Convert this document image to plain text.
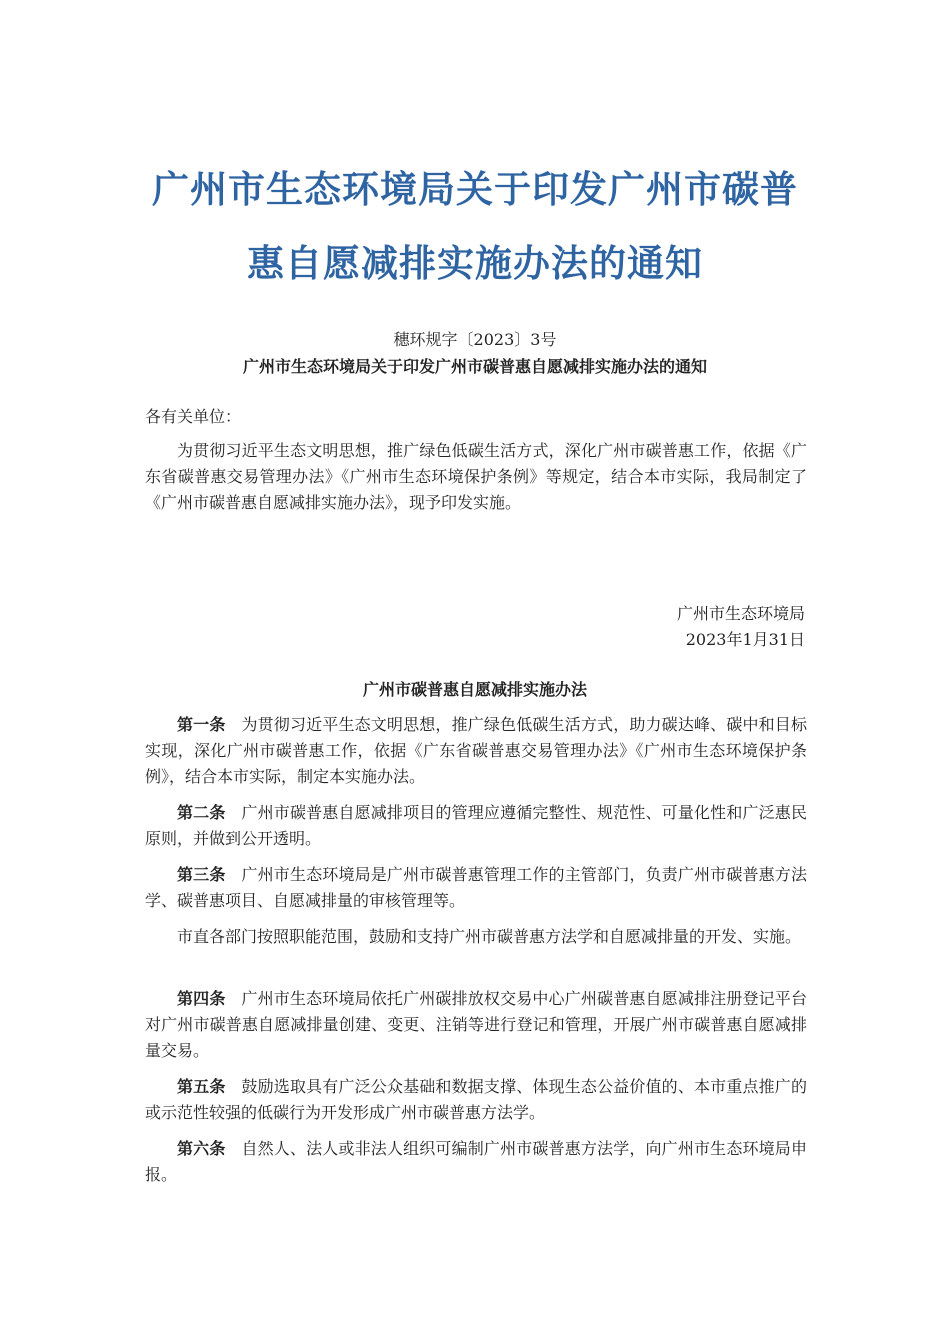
广州市生态环境局关于印发广州市碳普
惠自愿减排实施办法的通知
穗环规字〔2023〕3号
广州市生态环境局关于印发广州市碳普惠自愿减排实施办法的通知
各有关单位：
为贯彻习近平生态文明思想，推广绿色低碳生活方式，深化广州市碳普惠工作，依据《广东省碳普惠交易管理办法》《广州市生态环境保护条例》等规定，结合本市实际，我局制定了《广州市碳普惠自愿减排实施办法》，现予印发实施。
广州市生态环境局
2023年1月31日
广州市碳普惠自愿减排实施办法
第一条 为贯彻习近平生态文明思想，推广绿色低碳生活方式，助力碳达峰、碳中和目标实现，深化广州市碳普惠工作，依据《广东省碳普惠交易管理办法》《广州市生态环境保护条例》，结合本市实际，制定本实施办法。
第二条 广州市碳普惠自愿减排项目的管理应遵循完整性、规范性、可量化性和广泛惠民原则，并做到公开透明。
第三条 广州市生态环境局是广州市碳普惠管理工作的主管部门，负责广州市碳普惠方法学、碳普惠项目、自愿减排量的审核管理等。
市直各部门按照职能范围，鼓励和支持广州市碳普惠方法学和自愿减排量的开发、实施。
第四条 广州市生态环境局依托广州碳排放权交易中心广州碳普惠自愿减排注册登记平台对广州市碳普惠自愿减排量创建、变更、注销等进行登记和管理，开展广州市碳普惠自愿减排量交易。
第五条 鼓励选取具有广泛公众基础和数据支撑、体现生态公益价值的、本市重点推广的或示范性较强的低碳行为开发形成广州市碳普惠方法学。
第六条 自然人、法人或非法人组织可编制广州市碳普惠方法学，向广州市生态环境局申报。
